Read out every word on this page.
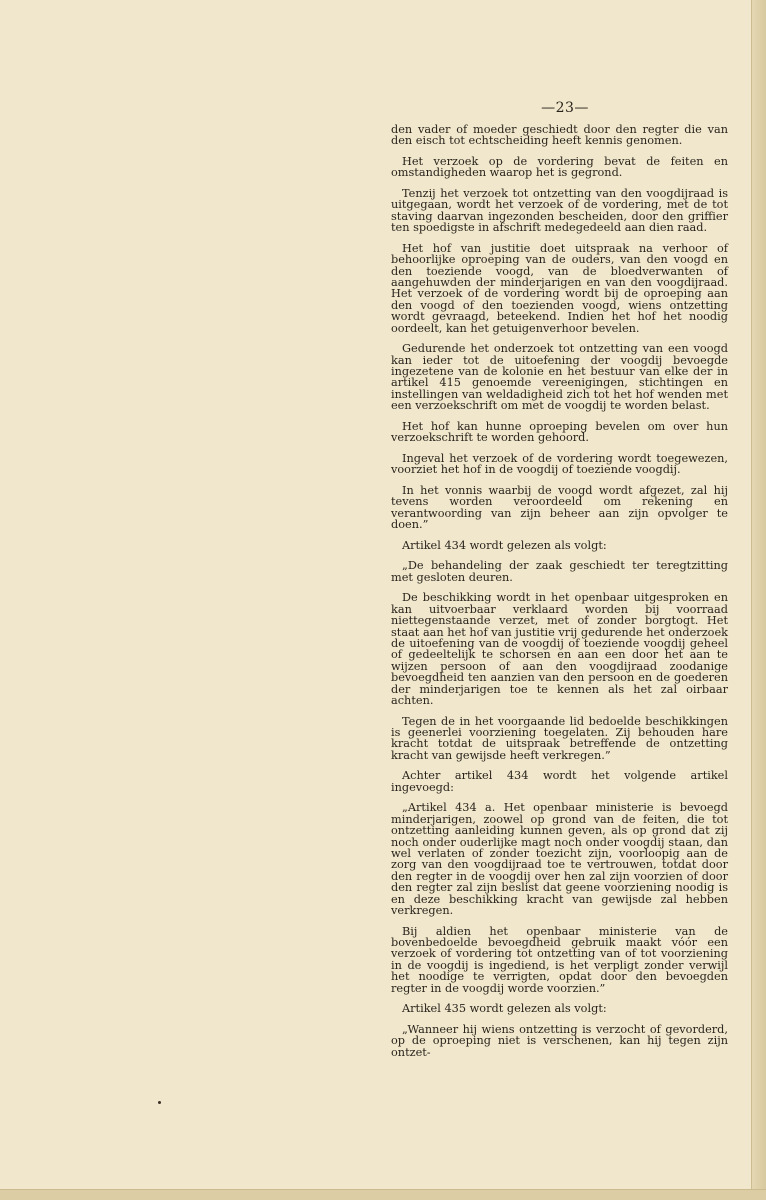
—23—

den vader of moeder geschiedt door den regter die van den eisch tot echtscheiding heeft kennis genomen.

Het verzoek op de vordering bevat de feiten en omstandigheden waarop het is gegrond.

Tenzij het verzoek tot ontzetting van den voogdijraad is uitgegaan, wordt het verzoek of de vordering, met de tot staving daarvan ingezonden bescheiden, door den griffier ten spoedigste in afschrift medegedeeld aan dien raad.

Het hof van justitie doet uitspraak na verhoor of behoorlijke oproeping van de ouders, van den voogd en den toeziende voogd, van de bloedverwanten of aangehuwden der minderjarigen en van den voogdijraad. Het verzoek of de vordering wordt bij de oproeping aan den voogd of den toezienden voogd, wiens ontzetting wordt gevraagd, beteekend. Indien het hof het noodig oordeelt, kan het getuigenverhoor bevelen.

Gedurende het onderzoek tot ontzetting van een voogd kan ieder tot de uitoefening der voogdij bevoegde ingezetene van de kolonie en het bestuur van elke der in artikel 415 genoemde vereenigingen, stichtingen en instellingen van weldadigheid zich tot het hof wenden met een verzoekschrift om met de voogdij te worden belast.

Het hof kan hunne oproeping bevelen om over hun verzoekschrift te worden gehoord.

Ingeval het verzoek of de vordering wordt toegewezen, voorziet het hof in de voogdij of toeziende voogdij.

In het vonnis waarbij de voogd wordt afgezet, zal hij tevens worden veroordeeld om rekening en verantwoording van zijn beheer aan zijn opvolger te doen.”

Artikel 434 wordt gelezen als volgt:

„De behandeling der zaak geschiedt ter teregtzitting met gesloten deuren.

De beschikking wordt in het openbaar uitgesproken en kan uitvoerbaar verklaard worden bij voorraad niettegenstaande verzet, met of zonder borgtogt. Het staat aan het hof van justitie vrij gedurende het onderzoek de uitoefening van de voogdij of toeziende voogdij geheel of gedeeltelijk te schorsen en aan een door het aan te wijzen persoon of aan den voogdijraad zoodanige bevoegdheid ten aanzien van den persoon en de goederen der minderjarigen toe te kennen als het zal oirbaar achten.

Tegen de in het voorgaande lid bedoelde beschikkingen is geenerlei voorziening toegelaten. Zij behouden hare kracht totdat de uitspraak betreffende de ontzetting kracht van gewijsde heeft verkregen.”

Achter artikel 434 wordt het volgende artikel ingevoegd:

„Artikel 434 a. Het openbaar ministerie is bevoegd minderjarigen, zoowel op grond van de feiten, die tot ontzetting aanleiding kunnen geven, als op grond dat zij noch onder ouderlijke magt noch onder voogdij staan, dan wel verlaten of zonder toezicht zijn, voorloopig aan de zorg van den voogdijraad toe te vertrouwen, totdat door den regter in de voogdij over hen zal zijn voorzien of door den regter zal zijn beslist dat geene voorziening noodig is en deze beschikking kracht van gewijsde zal hebben verkregen.

Bij aldien het openbaar ministerie van de bovenbedoelde bevoegdheid gebruik maakt vóór een verzoek of vordering tot ontzetting van of tot voorziening in de voogdij is ingediend, is het verpligt zonder verwijl het noodige te verrigten, opdat door den bevoegden regter in de voogdij worde voorzien.”

Artikel 435 wordt gelezen als volgt:

„Wanneer hij wiens ontzetting is verzocht of gevorderd, op de oproeping niet is verschenen, kan hij tegen zijn ontzet-
